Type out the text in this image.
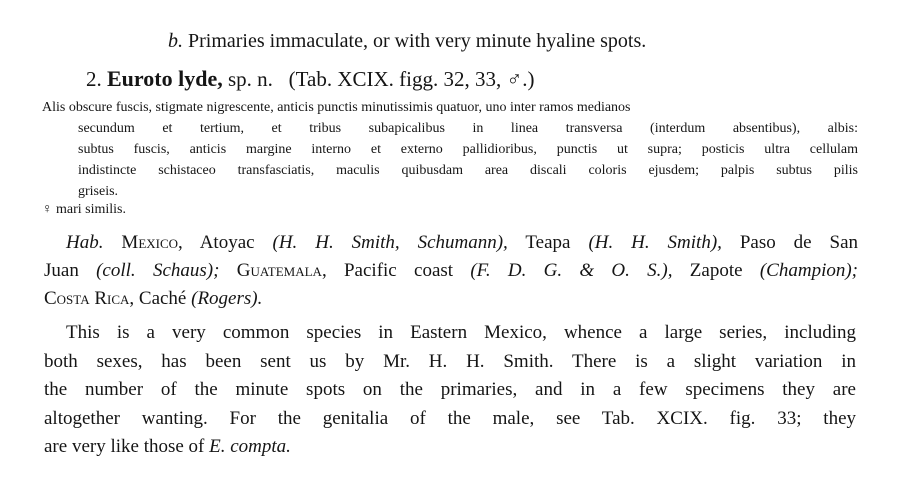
b. Primaries immaculate, or with very minute hyaline spots.
2. Euroto lyde, sp. n. (Tab. XCIX. figg. 32, 33, ♂.)
Alis obscure fuscis, stigmate nigrescente, anticis punctis minutissimis quatuor, uno inter ramos medianos
secundum et tertium, et tribus subapicalibus in linea transversa (interdum absentibus), albis:
subtus fuscis, anticis margine interno et externo pallidioribus, punctis ut supra; posticis ultra cellulam
indistincte schistaceo transfasciatis, maculis quibusdam area discali coloris ejusdem; palpis subtus pilis
griseis.
♀ mari similis.
Hab. Mexico, Atoyac (H. H. Smith, Schumann), Teapa (H. H. Smith), Paso de San
Juan (coll. Schaus); Guatemala, Pacific coast (F. D. G. & O. S.), Zapote (Champion);
Costa Rica, Caché (Rogers).
This is a very common species in Eastern Mexico, whence a large series, including
both sexes, has been sent us by Mr. H. H. Smith. There is a slight variation in
the number of the minute spots on the primaries, and in a few specimens they are
altogether wanting. For the genitalia of the male, see Tab. XCIX. fig. 33; they
are very like those of E. compta.
